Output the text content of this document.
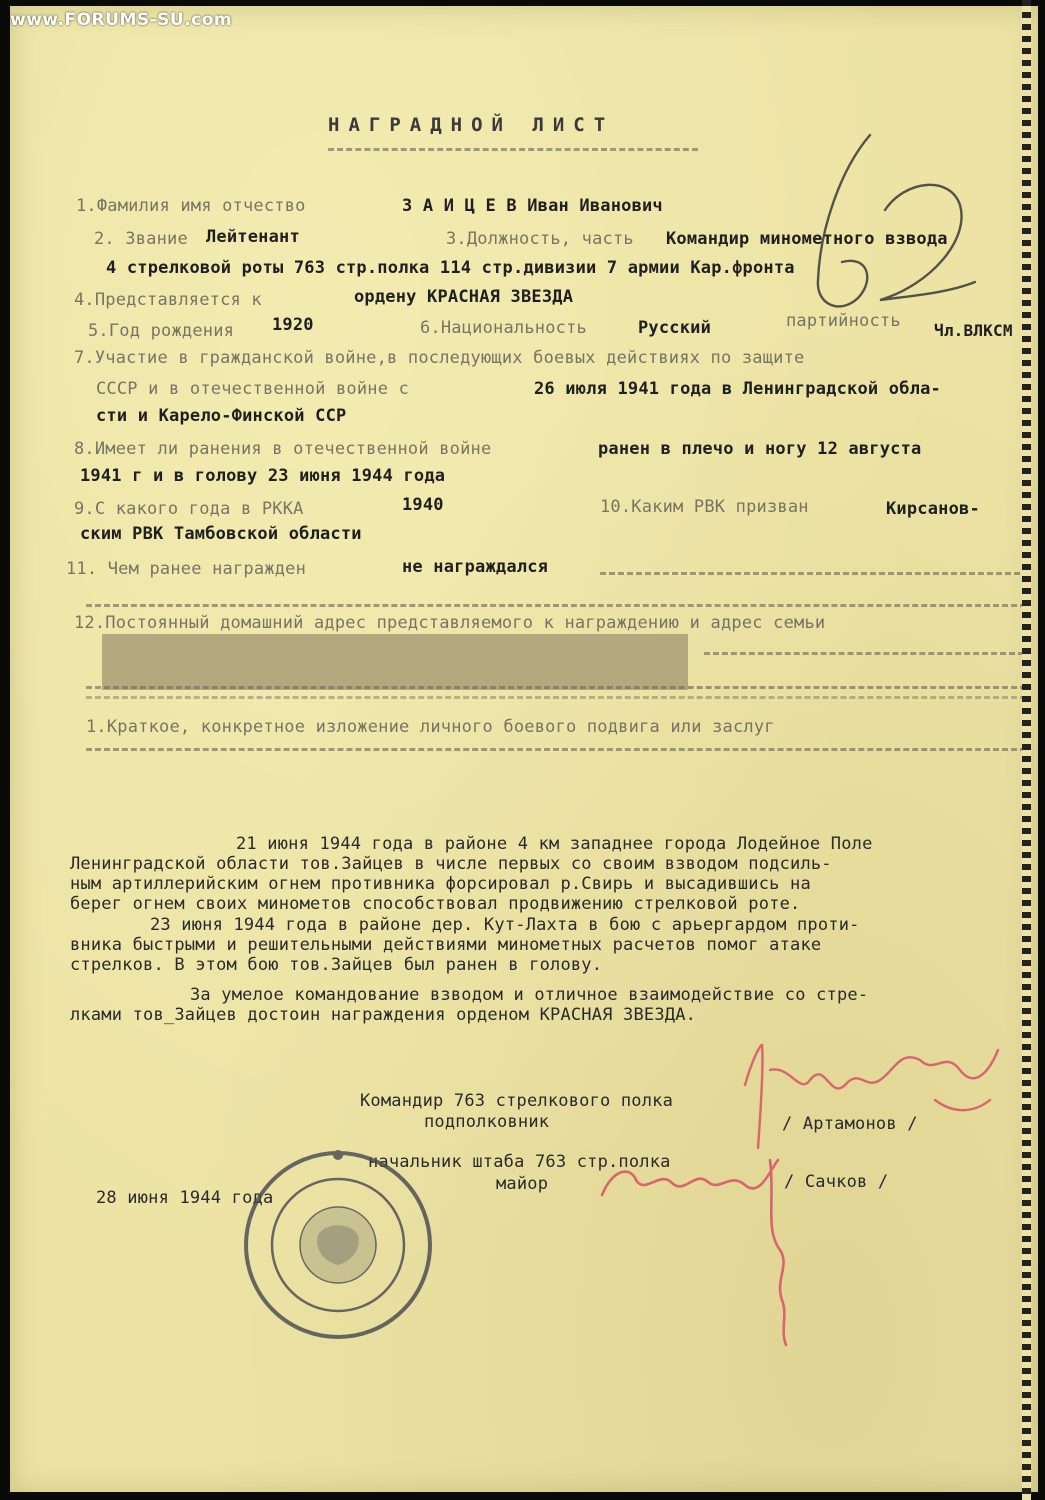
НАГРАДНОЙ ЛИСТ
1.Фамилия имя отчество	З А И Ц Е В Иван Иванович
2. Звание Лейтенант	3.Должность, часть Командир минометного взвода
4 стрелковой роты 763 стр.полка 114 стр.дивизии 7 армии Кар.фронта
4.Представляется к	ордену КРАСНАЯ ЗВЕЗДА
5.Год рождения 1920	6.Национальность	Русский	партийность Чл.ВЛКСМ
7.Участие в гражданской войне,в последующих боевых действиях по защите
СССР и в отечественной войне с	26 июля 1941 года в Ленинградской обла-
сти и Карело-Финской ССР
8.Имеет ли ранения в отечественной войне	ранен в плечо и ногу 12 августа
1941 г и в голову 23 июня 1944 года
9.С какого года в РККА	1940	10.Каким РВК призван	Кирсанов-
ским РВК Тамбовской области
11. Чем ранее награжден	не награждался
12.Постоянный домашний адрес представляемого к награждению и адрес семьи
1.Краткое, конкретное изложение личного боевого подвига или заслуг
21 июня 1944 года в районе 4 км западнее города Лодейное Поле
Ленинградской области тов.Зайцев в числе первых со своим взводом подсиль-
ным артиллерийским огнем противника форсировал р.Свирь и высадившись на
берег огнем своих минометов способствовал продвижению стрелковой роте.
23 июня 1944 года в районе дер. Кут-Лахта в бою с арьергардом проти-
вника быстрыми и решительными действиями минометных расчетов помог атаке
стрелков. В этом бою тов.Зайцев был ранен в голову.
За умелое командование взводом и отличное взаимодействие со стре-
лками тов_Зайцев достоин награждения орденом КРАСНАЯ ЗВЕЗДА.
Командир 763 стрелкового полка
подполковник	/ Артамонов /
начальник штаба 763 стр.полка
майор	/ Сачков /
28 июня 1944 года
www.FORUMS-SU.com
